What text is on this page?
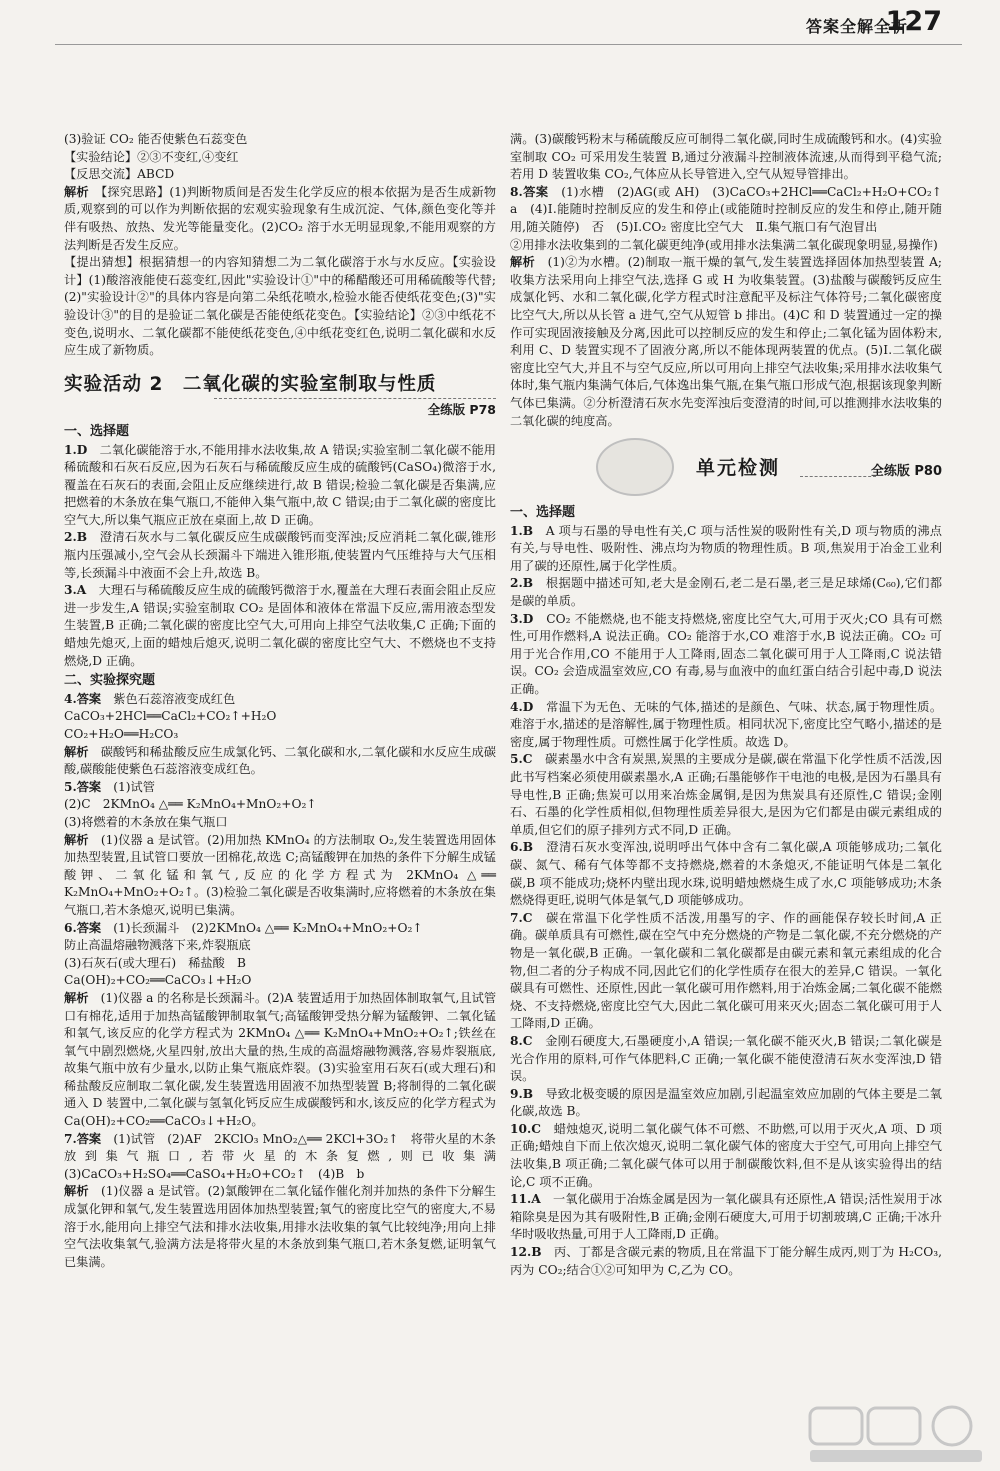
答案全解全析
127

(3)验证 CO₂ 能否使紫色石蕊变色

【实验结论】②③不变红,④变红

【反思交流】ABCD

解析　 【探究思路】(1)判断物质间是否发生化学反应的根本依据为是否生成新物质,观察到的可以作为判断依据的宏观实验现象有生成沉淀、气体,颜色变化等并伴有吸热、放热、发光等能量变化。(2)CO₂ 溶于水无明显现象,不能用观察的方法判断是否发生反应。

【提出猜想】根据猜想一的内容知猜想二为二氧化碳溶于水与水反应。【实验设计】(1)酸溶液能使石蕊变红,因此"实验设计①"中的稀醋酸还可用稀硫酸等代替;(2)"实验设计②"的具体内容是向第二朵纸花喷水,检验水能否使纸花变色;(3)"实验设计③"的目的是验证二氧化碳是否能使纸花变色。【实验结论】②③中纸花不变色,说明水、二氧化碳都不能使纸花变色,④中纸花变红色,说明二氧化碳和水反应生成了新物质。

实验活动 2　二氧化碳的实验室制取与性质
全练版 P78
一、选择题

1.D　 二氧化碳能溶于水,不能用排水法收集,故 A 错误;实验室制二氧化碳不能用稀硫酸和石灰石反应,因为石灰石与稀硫酸反应生成的硫酸钙(CaSO₄)微溶于水,覆盖在石灰石的表面,会阻止反应继续进行,故 B 错误;检验二氧化碳是否集满,应把燃着的木条放在集气瓶口,不能伸入集气瓶中,故 C 错误;由于二氧化碳的密度比空气大,所以集气瓶应正放在桌面上,故 D 正确。

2.B　 澄清石灰水与二氧化碳反应生成碳酸钙而变浑浊;反应消耗二氧化碳,锥形瓶内压强减小,空气会从长颈漏斗下端进入锥形瓶,使装置内气压维持与大气压相等,长颈漏斗中液面不会上升,故选 B。

3.A　 大理石与稀硫酸反应生成的硫酸钙微溶于水,覆盖在大理石表面会阻止反应进一步发生,A 错误;实验室制取 CO₂ 是固体和液体在常温下反应,需用液态型发生装置,B 正确;二氧化碳的密度比空气大,可用向上排空气法收集,C 正确;下面的蜡烛先熄灭,上面的蜡烛后熄灭,说明二氧化碳的密度比空气大、不燃烧也不支持燃烧,D 正确。

二、实验探究题

4.答案　 紫色石蕊溶液变成红色

CaCO₃+2HCl══CaCl₂+CO₂↑+H₂O

CO₂+H₂O══H₂CO₃

解析　 碳酸钙和稀盐酸反应生成氯化钙、二氧化碳和水,二氧化碳和水反应生成碳酸,碳酸能使紫色石蕊溶液变成红色。

5.答案　 (1)试管

(2)C　2KMnO₄ △══ K₂MnO₄+MnO₂+O₂↑

(3)将燃着的木条放在集气瓶口

解析　 (1)仪器 a 是试管。(2)用加热 KMnO₄ 的方法制取 O₂,发生装置选用固体加热型装置,且试管口要放一团棉花,故选 C;高锰酸钾在加热的条件下分解生成锰酸钾、二氧化锰和氧气,反应的化学方程式为 2KMnO₄ △══ K₂MnO₄+MnO₂+O₂↑。(3)检验二氧化碳是否收集满时,应将燃着的木条放在集气瓶口,若木条熄灭,说明已集满。

6.答案　 (1)长颈漏斗　(2)2KMnO₄ △══ K₂MnO₄+MnO₂+O₂↑

防止高温熔融物溅落下来,炸裂瓶底

(3)石灰石(或大理石)　稀盐酸　B

Ca(OH)₂+CO₂══CaCO₃↓+H₂O

解析　 (1)仪器 a 的名称是长颈漏斗。(2)A 装置适用于加热固体制取氧气,且试管口有棉花,适用于加热高锰酸钾制取氧气;高锰酸钾受热分解为锰酸钾、二氧化锰和氧气,该反应的化学方程式为 2KMnO₄ △══ K₂MnO₄+MnO₂+O₂↑;铁丝在氧气中剧烈燃烧,火星四射,放出大量的热,生成的高温熔融物溅落,容易炸裂瓶底,故集气瓶中放有少量水,以防止集气瓶底炸裂。(3)实验室用石灰石(或大理石)和稀盐酸反应制取二氧化碳,发生装置选用固液不加热型装置 B;将制得的二氧化碳通入 D 装置中,二氧化碳与氢氧化钙反应生成碳酸钙和水,该反应的化学方程式为 Ca(OH)₂+CO₂══CaCO₃↓+H₂O。

7.答案　 (1)试管　(2)AF　2KClO₃ MnO₂△══ 2KCl+3O₂↑　将带火星的木条放到集气瓶口,若带火星的木条复燃,则已收集满　(3)CaCO₃+H₂SO₄══CaSO₄+H₂O+CO₂↑　(4)B　b

解析　 (1)仪器 a 是试管。(2)氯酸钾在二氧化锰作催化剂并加热的条件下分解生成氯化钾和氧气,发生装置选用固体加热型装置;氧气的密度比空气的密度大,不易溶于水,能用向上排空气法和排水法收集,用排水法收集的氧气比较纯净;用向上排空气法收集氧气,验满方法是将带火星的木条放到集气瓶口,若木条复燃,证明氧气已集满。

满。(3)碳酸钙粉末与稀硫酸反应可制得二氧化碳,同时生成硫酸钙和水。(4)实验室制取 CO₂ 可采用发生装置 B,通过分液漏斗控制液体流速,从而得到平稳气流;若用 D 装置收集 CO₂,气体应从长导管进入,空气从短导管排出。

8.答案　 (1)水槽　(2)AG(或 AH)　(3)CaCO₃+2HCl══CaCl₂+H₂O+CO₂↑　a　(4)Ⅰ.能随时控制反应的发生和停止(或能随时控制反应的发生和停止,随开随用,随关随停)　否　(5)Ⅰ.CO₂ 密度比空气大　Ⅱ.集气瓶口有气泡冒出

②用排水法收集到的二氧化碳更纯净(或用排水法集满二氧化碳现象明显,易操作)

解析　 (1)②为水槽。(2)制取一瓶干燥的氧气,发生装置选择固体加热型装置 A;收集方法采用向上排空气法,选择 G 或 H 为收集装置。(3)盐酸与碳酸钙反应生成氯化钙、水和二氧化碳,化学方程式时注意配平及标注气体符号;二氧化碳密度比空气大,所以从长管 a 进气,空气从短管 b 排出。(4)C 和 D 装置通过一定的操作可实现固液接触及分离,因此可以控制反应的发生和停止;二氧化锰为固体粉末,利用 C、D 装置实现不了固液分离,所以不能体现两装置的优点。(5)Ⅰ.二氧化碳密度比空气大,并且不与空气反应,所以可用向上排空气法收集;采用排水法收集气体时,集气瓶内集满气体后,气体逸出集气瓶,在集气瓶口形成气泡,根据该现象判断气体已集满。②分析澄清石灰水先变浑浊后变澄清的时间,可以推测排水法收集的二氧化碳的纯度高。

单元检测	全练版 P80
一、选择题

1.B　 A 项与石墨的导电性有关,C 项与活性炭的吸附性有关,D 项与物质的沸点有关,与导电性、吸附性、沸点均为物质的物理性质。B 项,焦炭用于冶金工业利用了碳的还原性,属于化学性质。

2.B　 根据题中描述可知,老大是金刚石,老二是石墨,老三是足球烯(C₆₀),它们都是碳的单质。

3.D　 CO₂ 不能燃烧,也不能支持燃烧,密度比空气大,可用于灭火;CO 具有可燃性,可用作燃料,A 说法正确。CO₂ 能溶于水,CO 难溶于水,B 说法正确。CO₂ 可用于光合作用,CO 不能用于人工降雨,固态二氧化碳可用于人工降雨,C 说法错误。CO₂ 会造成温室效应,CO 有毒,易与血液中的血红蛋白结合引起中毒,D 说法正确。

4.D　 常温下为无色、无味的气体,描述的是颜色、气味、状态,属于物理性质。难溶于水,描述的是溶解性,属于物理性质。相同状况下,密度比空气略小,描述的是密度,属于物理性质。可燃性属于化学性质。故选 D。

5.C　 碳素墨水中含有炭黑,炭黑的主要成分是碳,碳在常温下化学性质不活泼,因此书写档案必须使用碳素墨水,A 正确;石墨能够作干电池的电极,是因为石墨具有导电性,B 正确;焦炭可以用来冶炼金属铜,是因为焦炭具有还原性,C 错误;金刚石、石墨的化学性质相似,但物理性质差异很大,是因为它们都是由碳元素组成的单质,但它们的原子排列方式不同,D 正确。

6.B　 澄清石灰水变浑浊,说明呼出气体中含有二氧化碳,A 项能够成功;二氧化碳、氮气、稀有气体等都不支持燃烧,燃着的木条熄灭,不能证明气体是二氧化碳,B 项不能成功;烧杯内壁出现水珠,说明蜡烛燃烧生成了水,C 项能够成功;木条燃烧得更旺,说明气体是氧气,D 项能够成功。

7.C　 碳在常温下化学性质不活泼,用墨写的字、作的画能保存较长时间,A 正确。碳单质具有可燃性,碳在空气中充分燃烧的产物是二氧化碳,不充分燃烧的产物是一氧化碳,B 正确。一氧化碳和二氧化碳都是由碳元素和氧元素组成的化合物,但二者的分子构成不同,因此它们的化学性质存在很大的差异,C 错误。一氧化碳具有可燃性、还原性,因此一氧化碳可用作燃料,用于冶炼金属;二氧化碳不能燃烧、不支持燃烧,密度比空气大,因此二氧化碳可用来灭火;固态二氧化碳可用于人工降雨,D 正确。

8.C　 金刚石硬度大,石墨硬度小,A 错误;一氧化碳不能灭火,B 错误;二氧化碳是光合作用的原料,可作气体肥料,C 正确;一氧化碳不能使澄清石灰水变浑浊,D 错误。

9.B　 导致北极变暖的原因是温室效应加剧,引起温室效应加剧的气体主要是二氧化碳,故选 B。

10.C　 蜡烛熄灭,说明二氧化碳气体不可燃、不助燃,可以用于灭火,A 项、D 项正确;蜡烛自下而上依次熄灭,说明二氧化碳气体的密度大于空气,可用向上排空气法收集,B 项正确;二氧化碳气体可以用于制碳酸饮料,但不是从该实验得出的结论,C 项不正确。

11.A　 一氧化碳用于冶炼金属是因为一氧化碳具有还原性,A 错误;活性炭用于冰箱除臭是因为其有吸附性,B 正确;金刚石硬度大,可用于切割玻璃,C 正确;干冰升华时吸收热量,可用于人工降雨,D 正确。

12.B　 丙、丁都是含碳元素的物质,且在常温下丁能分解生成丙,则丁为 H₂CO₃,丙为 CO₂;结合①②可知甲为 C,乙为 CO。
